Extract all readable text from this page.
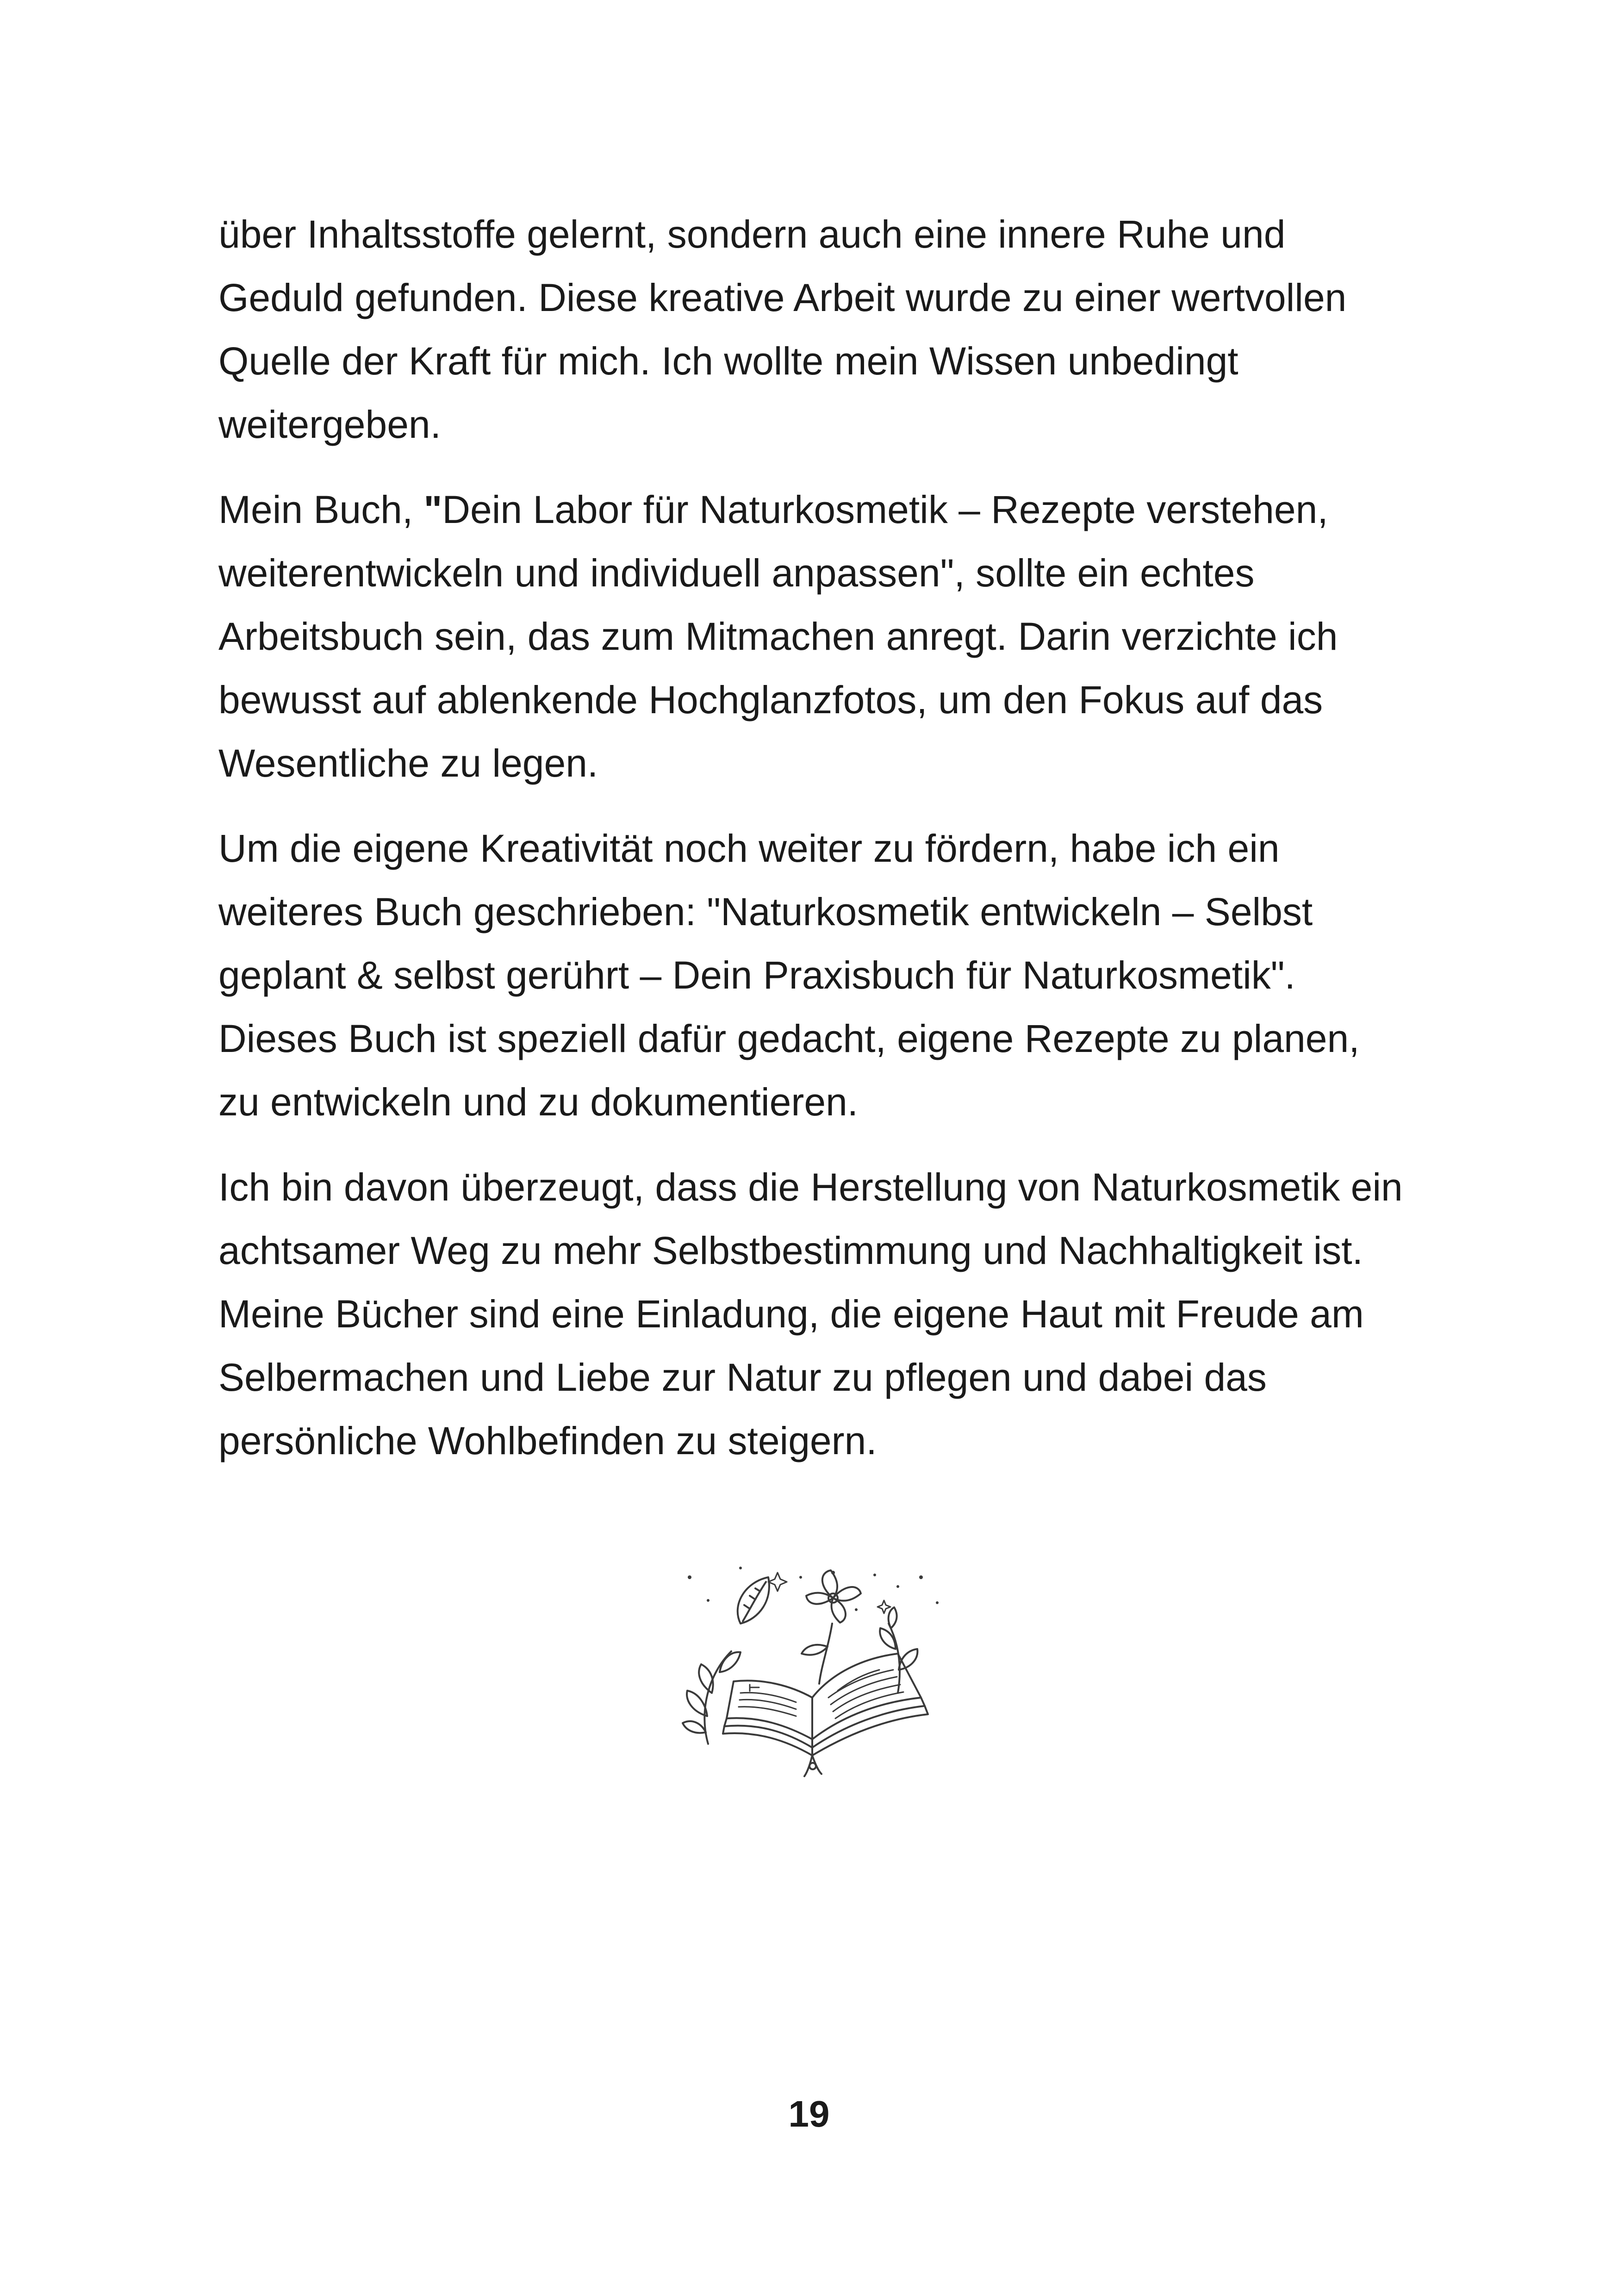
über Inhaltsstoffe gelernt, sondern auch eine innere Ruhe und
Geduld gefunden. Diese kreative Arbeit wurde zu einer wertvollen
Quelle der Kraft für mich. Ich wollte mein Wissen unbedingt
weitergeben.

Mein Buch, "Dein Labor für Naturkosmetik – Rezepte verstehen,
weiterentwickeln und individuell anpassen", sollte ein echtes
Arbeitsbuch sein, das zum Mitmachen anregt. Darin verzichte ich
bewusst auf ablenkende Hochglanzfotos, um den Fokus auf das
Wesentliche zu legen.

Um die eigene Kreativität noch weiter zu fördern, habe ich ein
weiteres Buch geschrieben: "Naturkosmetik entwickeln – Selbst
geplant & selbst gerührt – Dein Praxisbuch für Naturkosmetik".
Dieses Buch ist speziell dafür gedacht, eigene Rezepte zu planen,
zu entwickeln und zu dokumentieren.

Ich bin davon überzeugt, dass die Herstellung von Naturkosmetik ein
achtsamer Weg zu mehr Selbstbestimmung und Nachhaltigkeit ist.
Meine Bücher sind eine Einladung, die eigene Haut mit Freude am
Selbermachen und Liebe zur Natur zu pflegen und dabei das
persönliche Wohlbefinden zu steigern.

19
